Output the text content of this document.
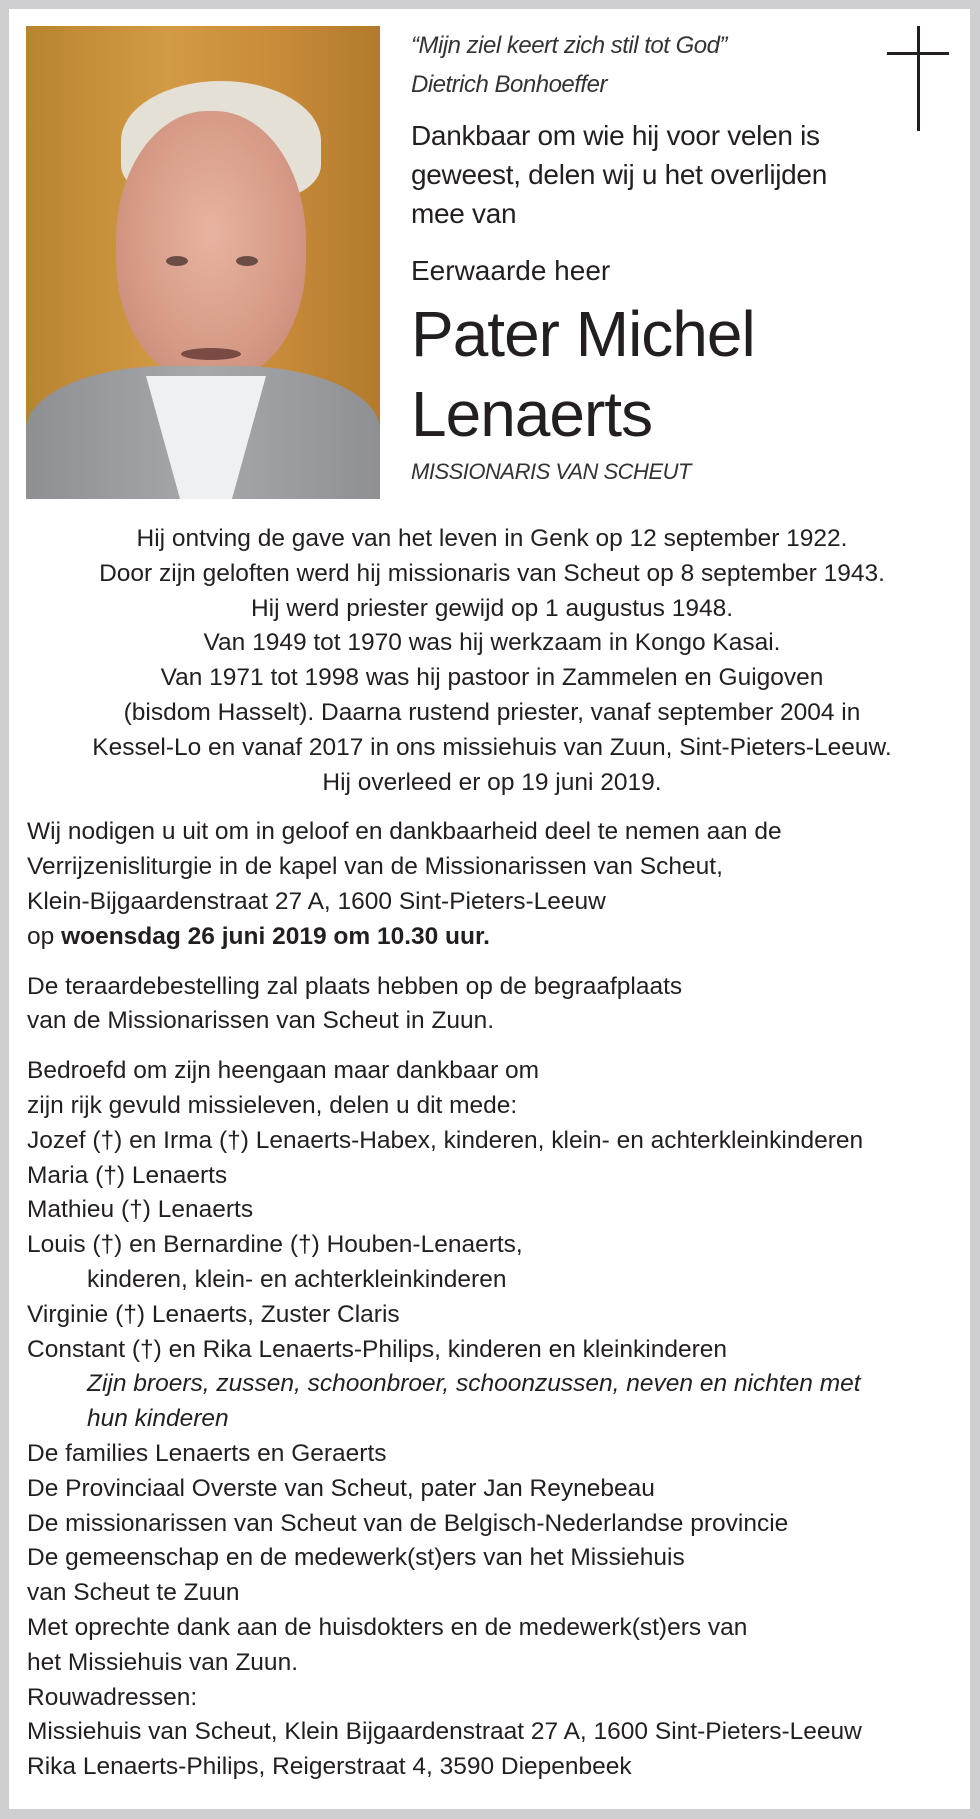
“Mijn ziel keert zich stil tot God”
Dietrich Bonhoeffer
Dankbaar om wie hij voor velen is
geweest, delen wij u het overlijden
mee van
Eerwaarde heer
Pater Michel
Lenaerts
MISSIONARIS VAN SCHEUT

Hij ontving de gave van het leven in Genk op 12 september 1922.

Door zijn geloften werd hij missionaris van Scheut op 8 september 1943.

Hij werd priester gewijd op 1 augustus 1948.

Van 1949 tot 1970 was hij werkzaam in Kongo Kasai.

Van 1971 tot 1998 was hij pastoor in Zammelen en Guigoven

(bisdom Hasselt). Daarna rustend priester, vanaf september 2004 in

Kessel-Lo en vanaf 2017 in ons missiehuis van Zuun, Sint-Pieters-Leeuw.

Hij overleed er op 19 juni 2019.

Wij nodigen u uit om in geloof en dankbaarheid deel te nemen aan de
Verrijzenisliturgie in de kapel van de Missionarissen van Scheut,
Klein-Bijgaardenstraat 27 A, 1600 Sint-Pieters-Leeuw
op woensdag 26 juni 2019 om 10.30 uur.
De teraardebestelling zal plaats hebben op de begraafplaats
van de Missionarissen van Scheut in Zuun.
Bedroefd om zijn heengaan maar dankbaar om
zijn rijk gevuld missieleven, delen u dit mede:
Jozef (†) en Irma (†) Lenaerts-Habex, kinderen, klein- en achterkleinkinderen
Maria (†) Lenaerts
Mathieu (†) Lenaerts
Louis (†) en Bernardine (†) Houben-Lenaerts,
kinderen, klein- en achterkleinkinderen
Virginie (†) Lenaerts, Zuster Claris
Constant (†) en Rika Lenaerts-Philips, kinderen en kleinkinderen
Zijn broers, zussen, schoonbroer, schoonzussen, neven en nichten met
hun kinderen
De families Lenaerts en Geraerts
De Provinciaal Overste van Scheut, pater Jan Reynebeau
De missionarissen van Scheut van de Belgisch-Nederlandse provincie
De gemeenschap en de medewerk(st)ers van het Missiehuis
van Scheut te Zuun
Met oprechte dank aan de huisdokters en de medewerk(st)ers van
het Missiehuis van Zuun.
Rouwadressen:
Missiehuis van Scheut, Klein Bijgaardenstraat 27 A, 1600 Sint-Pieters-Leeuw
Rika Lenaerts-Philips, Reigerstraat 4, 3590 Diepenbeek
